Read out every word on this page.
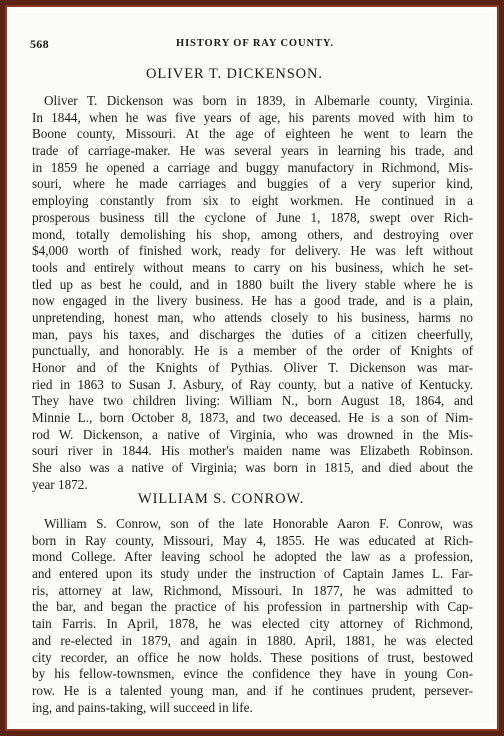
568	HISTORY OF RAY COUNTY.
OLIVER T. DICKENSON.
Oliver T. Dickenson was born in 1839, in Albemarle county, Virginia.
In 1844, when he was five years of age, his parents moved with him to
Boone county, Missouri. At the age of eighteen he went to learn the
trade of carriage-maker. He was several years in learning his trade, and
in 1859 he opened a carriage and buggy manufactory in Richmond, Mis-
souri, where he made carriages and buggies of a very superior kind,
employing constantly from six to eight workmen. He continued in a
prosperous business till the cyclone of June 1, 1878, swept over Rich-
mond, totally demolishing his shop, among others, and destroying over
$4,000 worth of finished work, ready for delivery. He was left without
tools and entirely without means to carry on his business, which he set-
tled up as best he could, and in 1880 built the livery stable where he is
now engaged in the livery business. He has a good trade, and is a plain,
unpretending, honest man, who attends closely to his business, harms no
man, pays his taxes, and discharges the duties of a citizen cheerfully,
punctually, and honorably. He is a member of the order of Knights of
Honor and of the Knights of Pythias. Oliver T. Dickenson was mar-
ried in 1863 to Susan J. Asbury, of Ray county, but a native of Kentucky.
They have two children living: William N., born August 18, 1864, and
Minnie L., born October 8, 1873, and two deceased. He is a son of Nim-
rod W. Dickenson, a native of Virginia, who was drowned in the Mis-
souri river in 1844. His mother's maiden name was Elizabeth Robinson.
She also was a native of Virginia; was born in 1815, and died about the
year 1872.
WILLIAM S. CONROW.
William S. Conrow, son of the late Honorable Aaron F. Conrow, was
born in Ray county, Missouri, May 4, 1855. He was educated at Rich-
mond College. After leaving school he adopted the law as a profession,
and entered upon its study under the instruction of Captain James L. Far-
ris, attorney at law, Richmond, Missouri. In 1877, he was admitted to
the bar, and began the practice of his profession in partnership with Cap-
tain Farris. In April, 1878, he was elected city attorney of Richmond,
and re-elected in 1879, and again in 1880. April, 1881, he was elected
city recorder, an office he now holds. These positions of trust, bestowed
by his fellow-townsmen, evince the confidence they have in young Con-
row. He is a talented young man, and if he continues prudent, persever-
ing, and pains-taking, will succeed in life.
